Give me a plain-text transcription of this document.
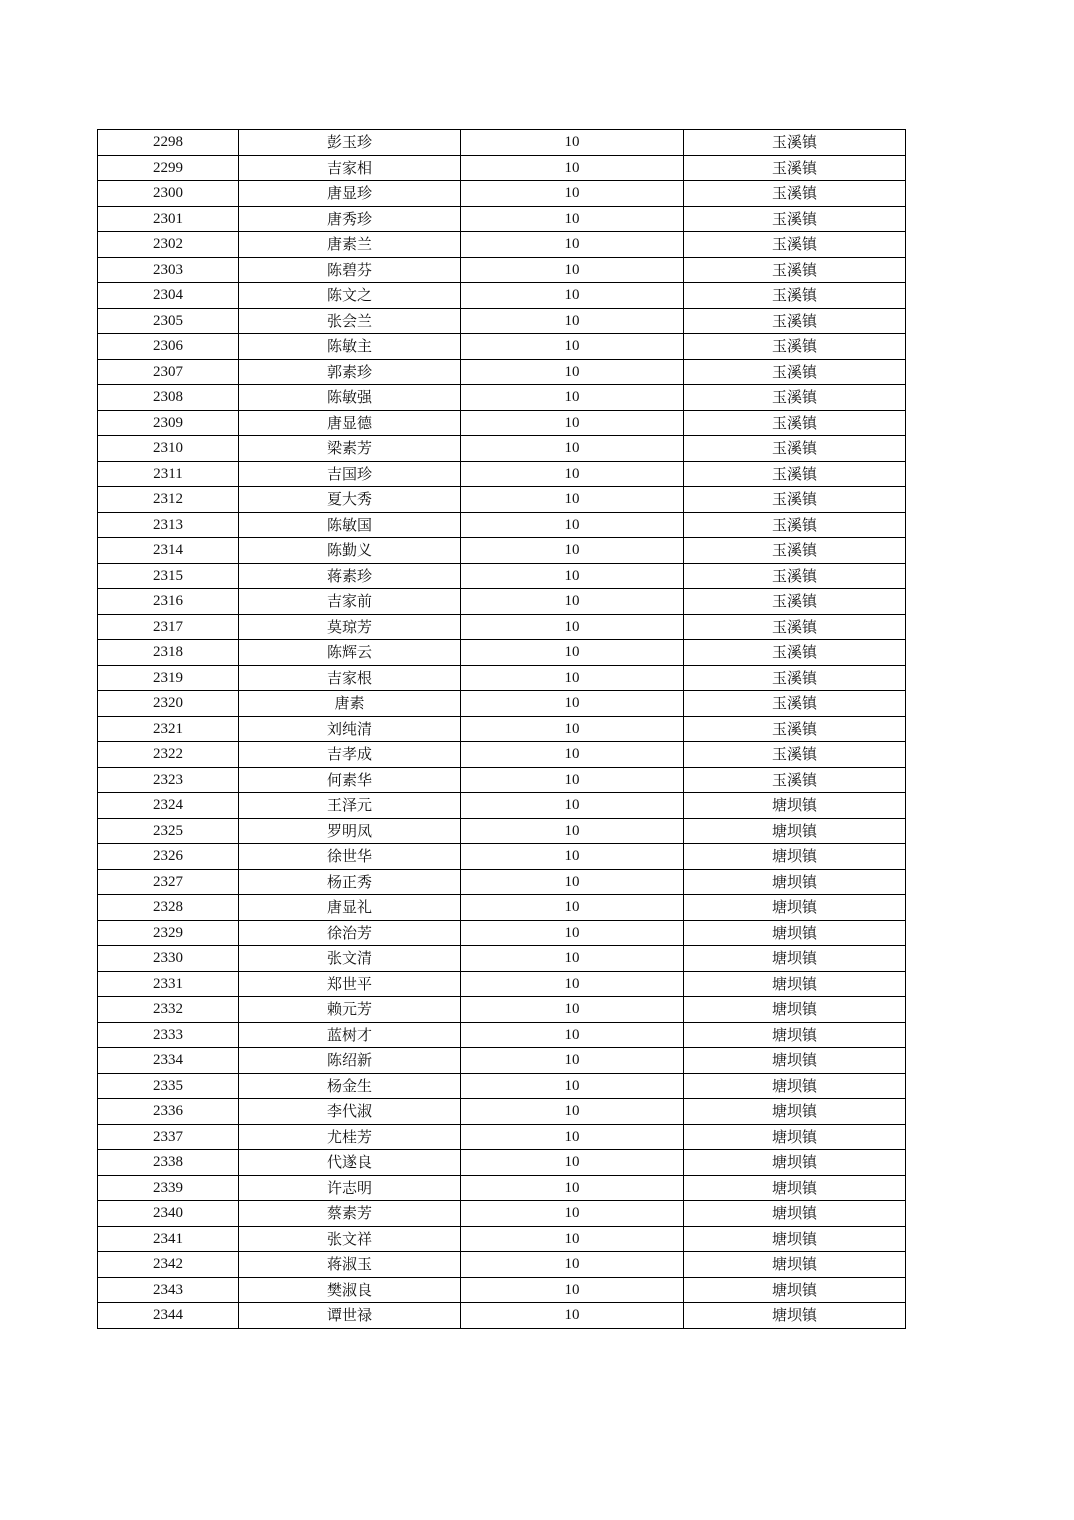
2298	彭玉珍	10	玉溪镇
2299	吉家相	10	玉溪镇
2300	唐显珍	10	玉溪镇
2301	唐秀珍	10	玉溪镇
2302	唐素兰	10	玉溪镇
2303	陈碧芬	10	玉溪镇
2304	陈文之	10	玉溪镇
2305	张会兰	10	玉溪镇
2306	陈敏主	10	玉溪镇
2307	郭素珍	10	玉溪镇
2308	陈敏强	10	玉溪镇
2309	唐显德	10	玉溪镇
2310	梁素芳	10	玉溪镇
2311	吉国珍	10	玉溪镇
2312	夏大秀	10	玉溪镇
2313	陈敏国	10	玉溪镇
2314	陈勤义	10	玉溪镇
2315	蒋素珍	10	玉溪镇
2316	吉家前	10	玉溪镇
2317	莫琼芳	10	玉溪镇
2318	陈辉云	10	玉溪镇
2319	吉家根	10	玉溪镇
2320	唐素	10	玉溪镇
2321	刘纯清	10	玉溪镇
2322	吉孝成	10	玉溪镇
2323	何素华	10	玉溪镇
2324	王泽元	10	塘坝镇
2325	罗明凤	10	塘坝镇
2326	徐世华	10	塘坝镇
2327	杨正秀	10	塘坝镇
2328	唐显礼	10	塘坝镇
2329	徐治芳	10	塘坝镇
2330	张文清	10	塘坝镇
2331	郑世平	10	塘坝镇
2332	赖元芳	10	塘坝镇
2333	蓝树才	10	塘坝镇
2334	陈绍新	10	塘坝镇
2335	杨金生	10	塘坝镇
2336	李代淑	10	塘坝镇
2337	尤桂芳	10	塘坝镇
2338	代遂良	10	塘坝镇
2339	许志明	10	塘坝镇
2340	蔡素芳	10	塘坝镇
2341	张文祥	10	塘坝镇
2342	蒋淑玉	10	塘坝镇
2343	樊淑良	10	塘坝镇
2344	谭世禄	10	塘坝镇
